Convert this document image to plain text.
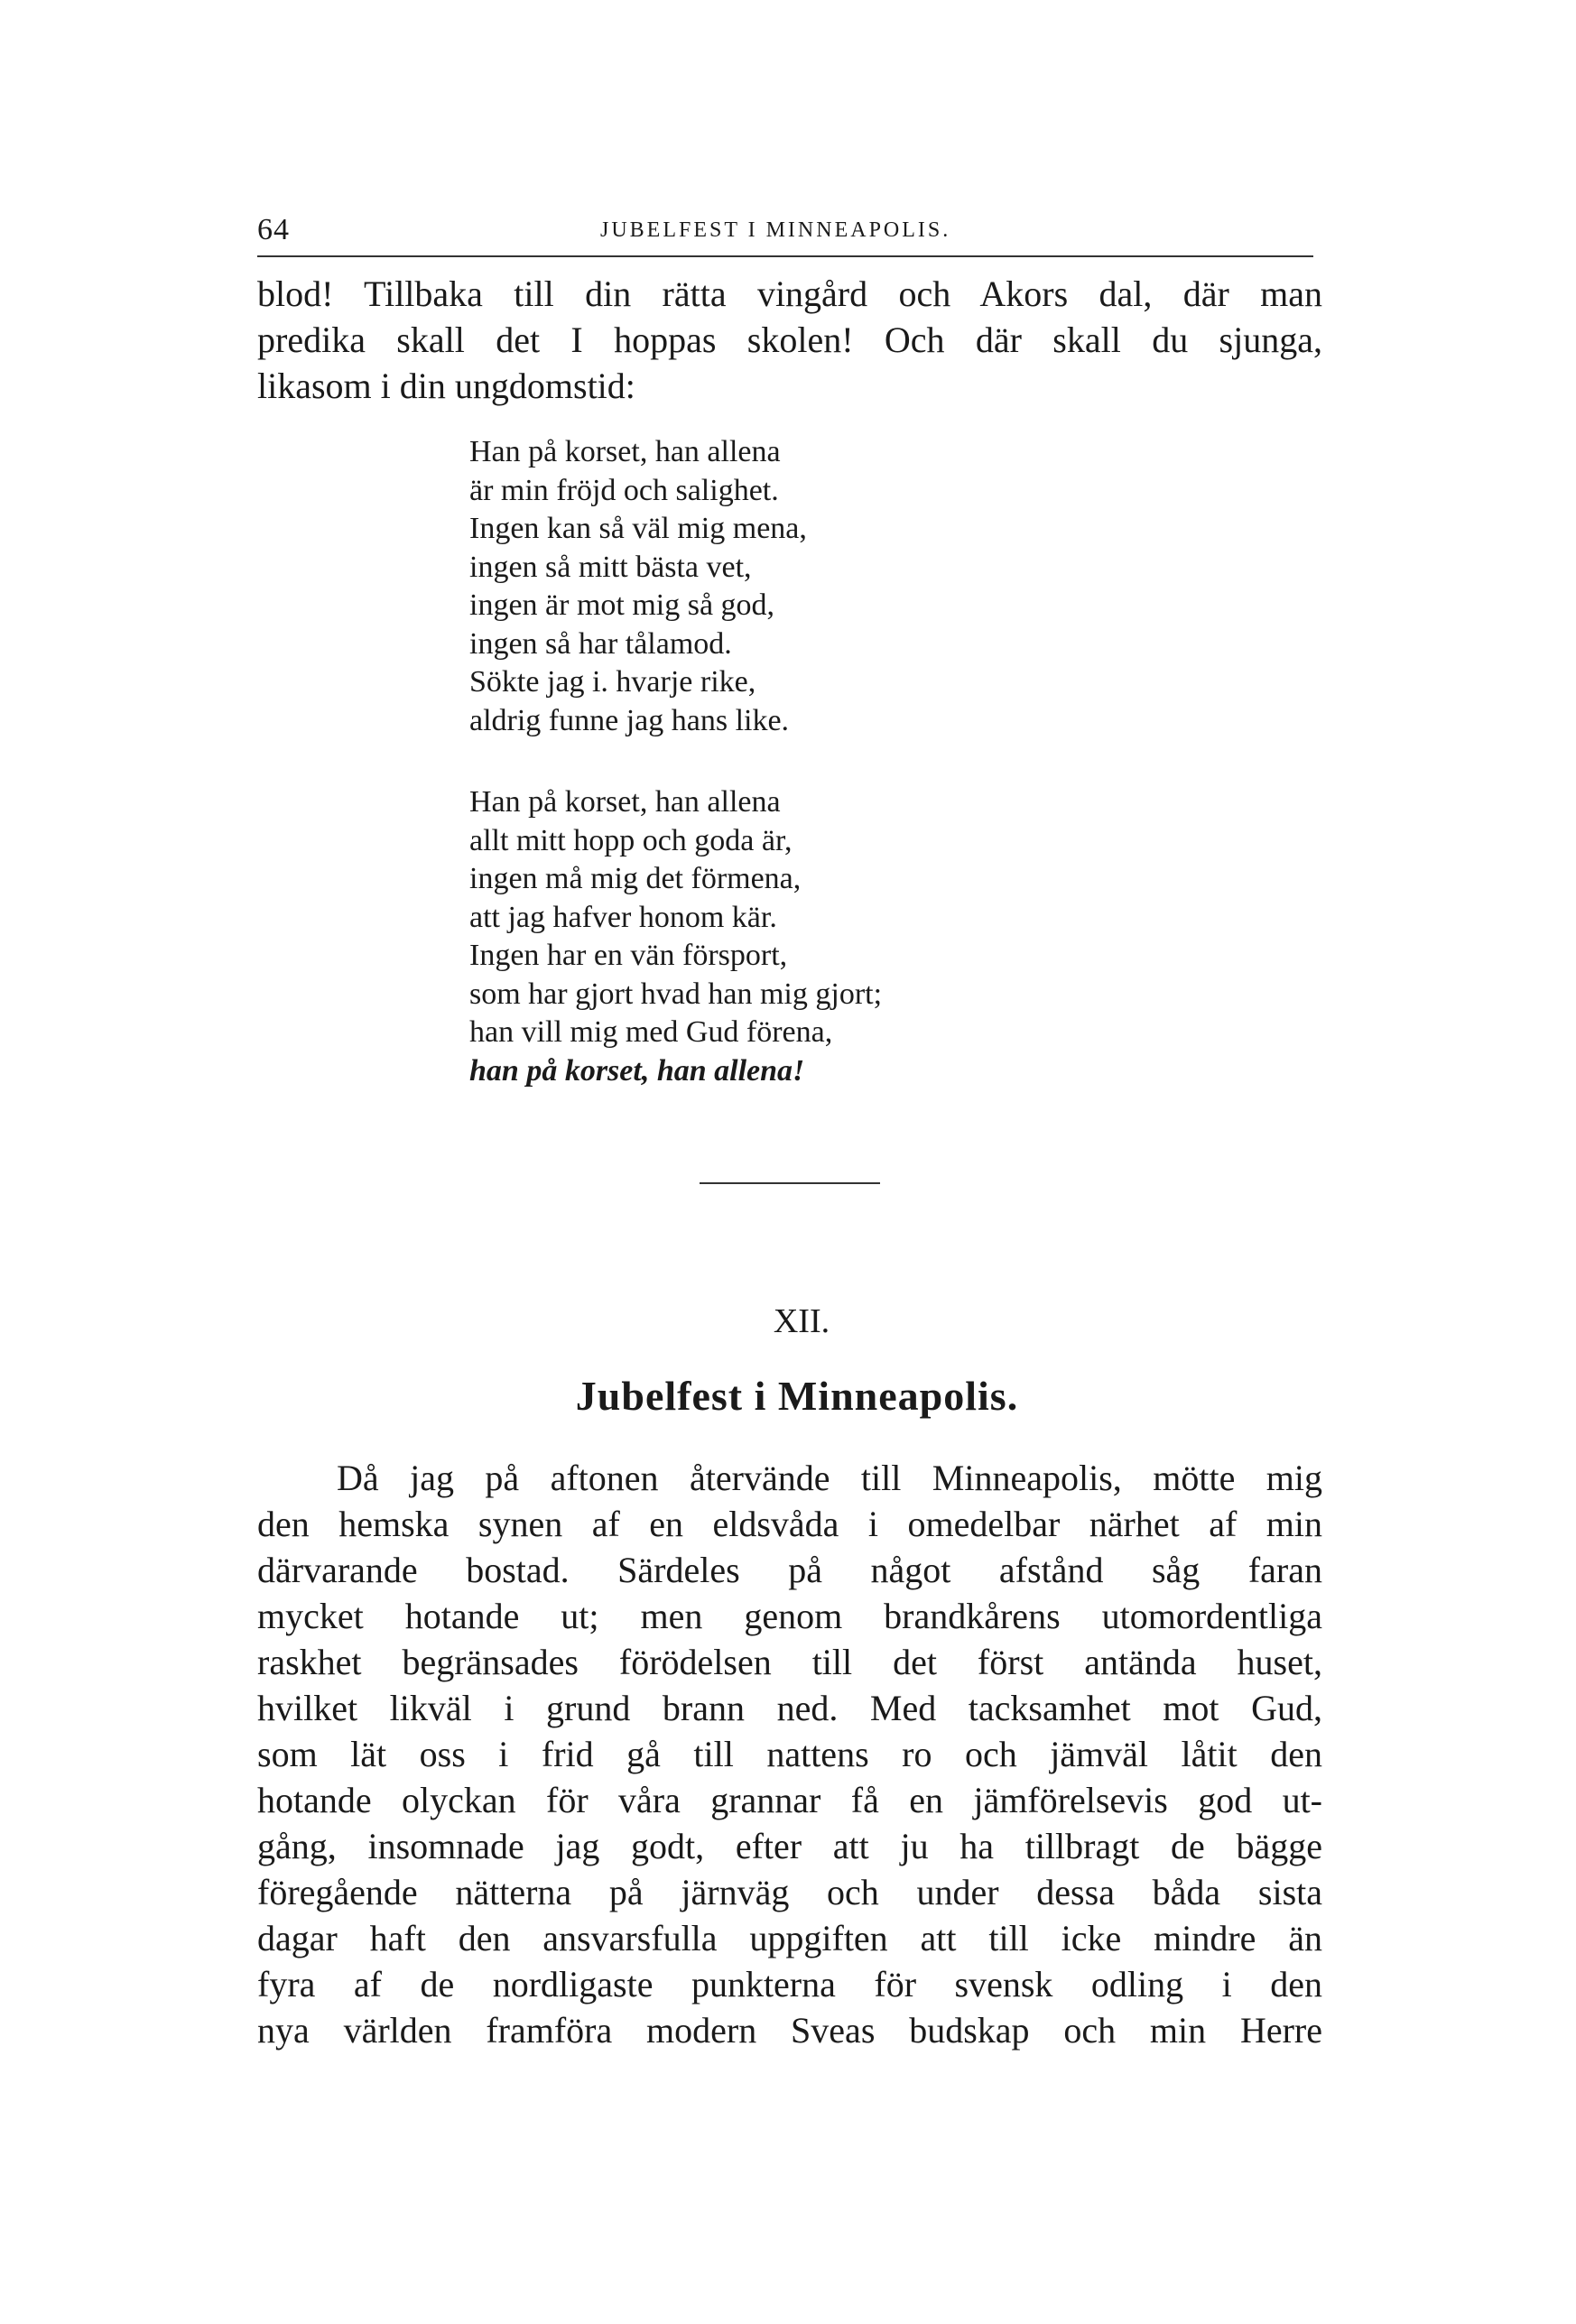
64	JUBELFEST I MINNEAPOLIS.

blod! Tillbaka till din rätta vingård och Akors dal, där man
predika skall det I hoppas skolen! Och där skall du sjunga,
likasom i din ungdomstid:

Han på korset, han allena
är min fröjd och salighet.
Ingen kan så väl mig mena,
ingen så mitt bästa vet,
ingen är mot mig så god,
ingen så har tålamod.
Sökte jag i. hvarje rike,
aldrig funne jag hans like.
Han på korset, han allena
allt mitt hopp och goda är,
ingen må mig det förmena,
att jag hafver honom kär.
Ingen har en vän försport,
som har gjort hvad han mig gjort;
han vill mig med Gud förena,
han på korset, han allena!
XII.
Jubelfest i Minneapolis.

Då jag på aftonen återvände till Minneapolis, mötte mig
den hemska synen af en eldsvåda i omedelbar närhet af min
därvarande bostad. Särdeles på något afstånd såg faran
mycket hotande ut; men genom brandkårens utomordentliga
raskhet begränsades förödelsen till det först antända huset,
hvilket likväl i grund brann ned. Med tacksamhet mot Gud,
som lät oss i frid gå till nattens ro och jämväl låtit den
hotande olyckan för våra grannar få en jämförelsevis god ut-
gång, insomnade jag godt, efter att ju ha tillbragt de bägge
föregående nätterna på järnväg och under dessa båda sista
dagar haft den ansvarsfulla uppgiften att till icke mindre än
fyra af de nordligaste punkterna för svensk odling i den
nya världen framföra modern Sveas budskap och min Herre
